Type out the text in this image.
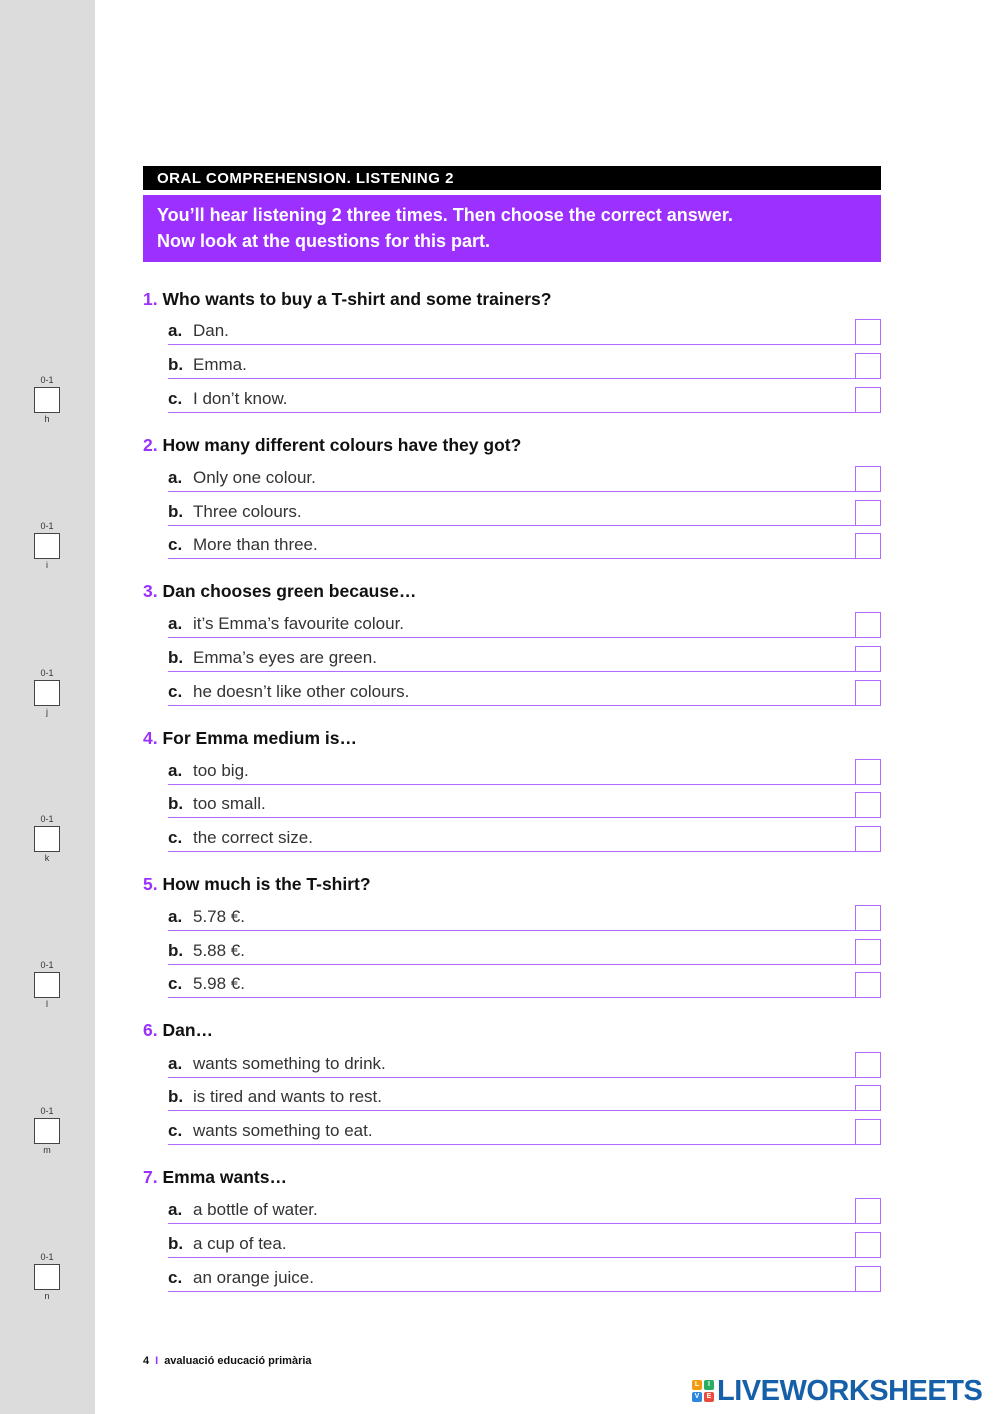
0-1
h
0-1
i
0-1
j
0-1
k
0-1
l
0-1
m
0-1
n
ORAL COMPREHENSION. LISTENING 2
You’ll hear listening 2 three times. Then choose the correct answer.
Now look at the questions for this part.
1. Who wants to buy a T-shirt and some trainers?
a. Dan.
b. Emma.
c. I don’t know.
2. How many different colours have they got?
a. Only one colour.
b. Three colours.
c. More than three.
3. Dan chooses green because…
a. it’s Emma’s favourite colour.
b. Emma’s eyes are green.
c. he doesn’t like other colours.
4. For Emma medium is…
a. too big.
b. too small.
c. the correct size.
5. How much is the T-shirt?
a. 5.78 €.
b. 5.88 €.
c. 5.98 €.
6. Dan…
a. wants something to drink.
b. is tired and wants to rest.
c. wants something to eat.
7. Emma wants…
a. a bottle of water.
b. a cup of tea.
c. an orange juice.
4 I avaluació educació primària
L	I
V	E LIVEWORKSHEETS
